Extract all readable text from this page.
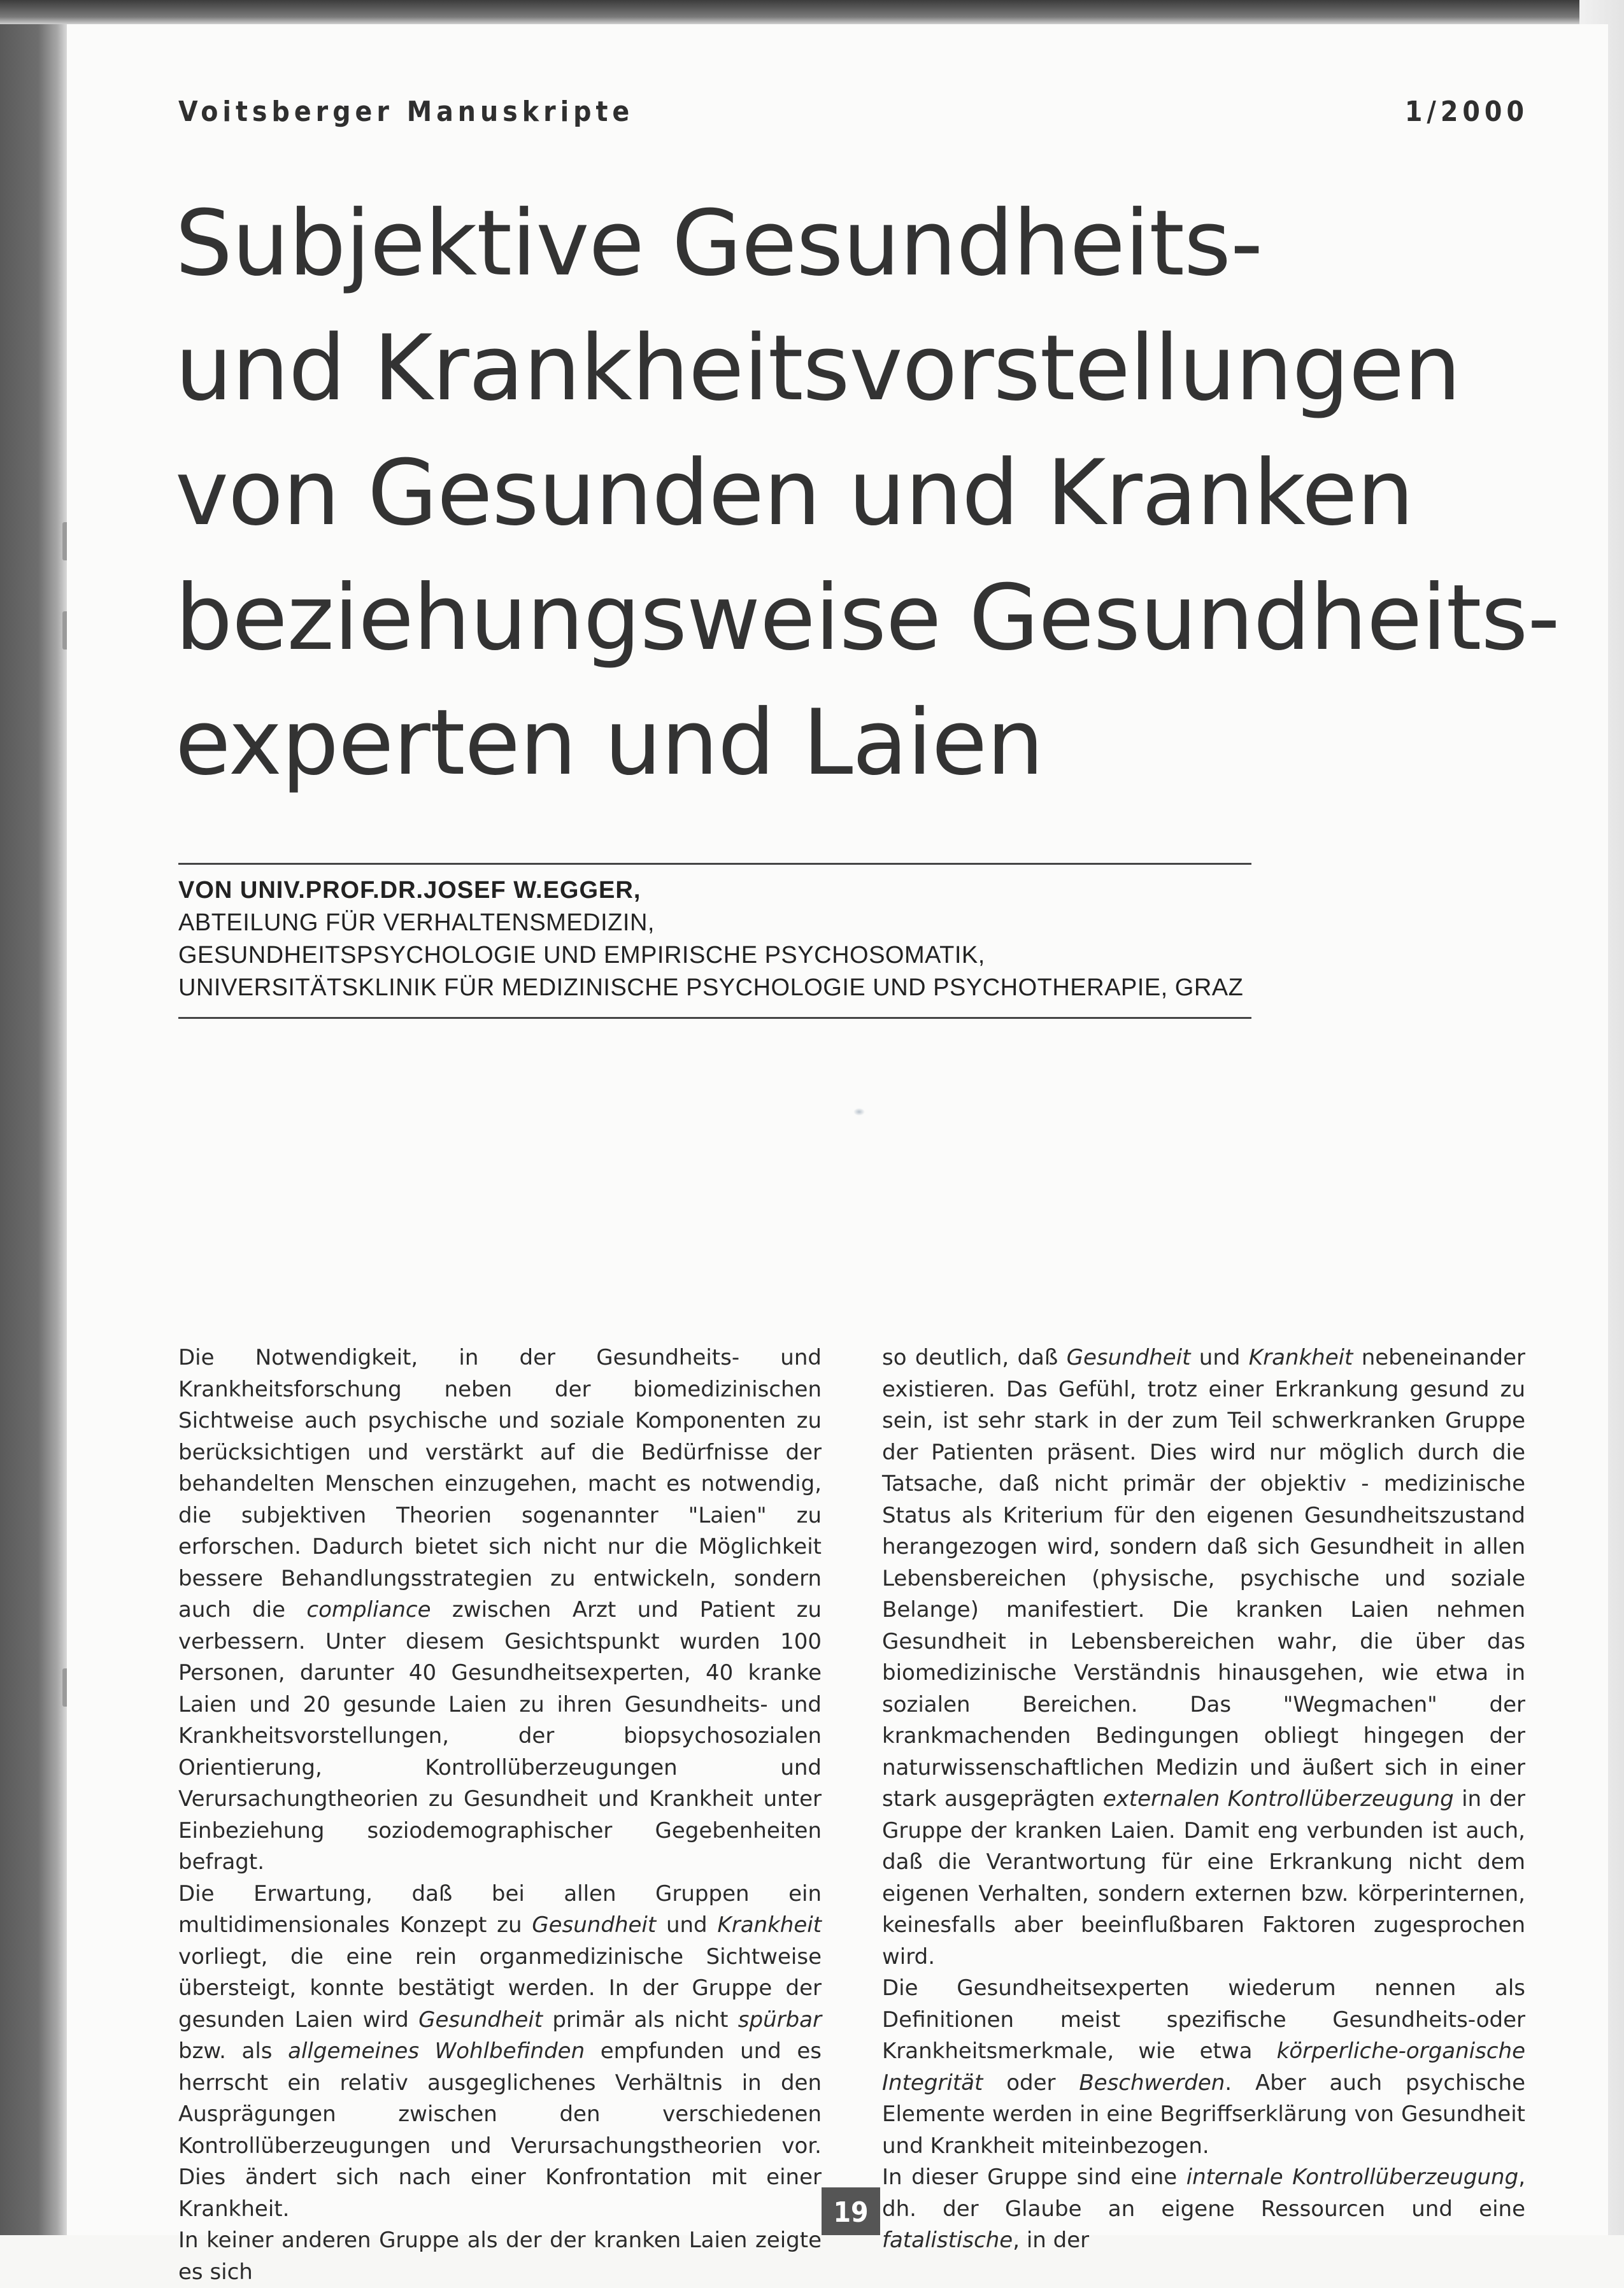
Voitsberger Manuskripte	1/2000
Subjektive Gesundheits-
und Krankheitsvorstellungen
von Gesunden und Kranken
beziehungsweise Gesundheits-
experten und Laien
VON UNIV.PROF.DR.JOSEF W.EGGER,
ABTEILUNG FÜR VERHALTENSMEDIZIN,
GESUNDHEITSPSYCHOLOGIE UND EMPIRISCHE PSYCHOSOMATIK,
UNIVERSITÄTSKLINIK FÜR MEDIZINISCHE PSYCHOLOGIE UND PSYCHOTHERAPIE, GRAZ

Die Notwendigkeit, in der Gesundheits- und Krankheitsforschung neben der biomedizinischen Sichtweise auch psychische und soziale Komponenten zu berücksichtigen und verstärkt auf die Bedürfnisse der behandelten Menschen einzugehen, macht es notwendig, die subjektiven Theorien sogenannter "Laien" zu erforschen. Dadurch bietet sich nicht nur die Möglichkeit bessere Behandlungsstrategien zu entwickeln, sondern auch die compliance zwischen Arzt und Patient zu verbessern. Unter diesem Gesichtspunkt wurden 100 Personen, darunter 40 Gesundheitsexperten, 40 kranke Laien und 20 gesunde Laien zu ihren Gesundheits- und Krankheitsvorstellungen, der biopsychosozialen Orientierung, Kontrollüberzeugungen und Verursachungtheorien zu Gesundheit und Krankheit unter Einbeziehung soziodemographischer Gegebenheiten befragt.

Die Erwartung, daß bei allen Gruppen ein multidimensionales Konzept zu Gesundheit und Krankheit vorliegt, die eine rein organmedizinische Sichtweise übersteigt, konnte bestätigt werden. In der Gruppe der gesunden Laien wird Gesundheit primär als nicht spürbar bzw. als allgemeines Wohlbefinden empfunden und es herrscht ein relativ ausgeglichenes Verhältnis in den Ausprägungen zwischen den verschiedenen Kontrollüberzeugungen und Verursachungstheorien vor. Dies ändert sich nach einer Konfrontation mit einer Krankheit.

In keiner anderen Gruppe als der der kranken Laien zeigte es sich

so deutlich, daß Gesundheit und Krankheit nebeneinander existieren. Das Gefühl, trotz einer Erkrankung gesund zu sein, ist sehr stark in der zum Teil schwerkranken Gruppe der Patienten präsent. Dies wird nur möglich durch die Tatsache, daß nicht primär der objektiv - medizinische Status als Kriterium für den eigenen Gesundheitszustand herangezogen wird, sondern daß sich Gesundheit in allen Lebensbereichen (physische, psychische und soziale Belange) manifestiert. Die kranken Laien nehmen Gesundheit in Lebensbereichen wahr, die über das biomedizinische Verständnis hinausgehen, wie etwa in sozialen Bereichen. Das "Wegmachen" der krankmachenden Bedingungen obliegt hingegen der naturwissenschaftlichen Medizin und äußert sich in einer stark ausgeprägten externalen Kontrollüberzeugung in der Gruppe der kranken Laien. Damit eng verbunden ist auch, daß die Verantwortung für eine Erkrankung nicht dem eigenen Verhalten, sondern externen bzw. körperinternen, keinesfalls aber beeinflußbaren Faktoren zugesprochen wird.

Die Gesundheitsexperten wiederum nennen als Definitionen meist spezifische Gesundheits-oder Krankheitsmerkmale, wie etwa körperliche-organische Integrität oder Beschwerden. Aber auch psychische Elemente werden in eine Begriffserklärung von Gesundheit und Krankheit miteinbezogen.

In dieser Gruppe sind eine internale Kontrollüberzeugung, dh. der Glaube an eigene Ressourcen und eine fatalistische, in der

19
